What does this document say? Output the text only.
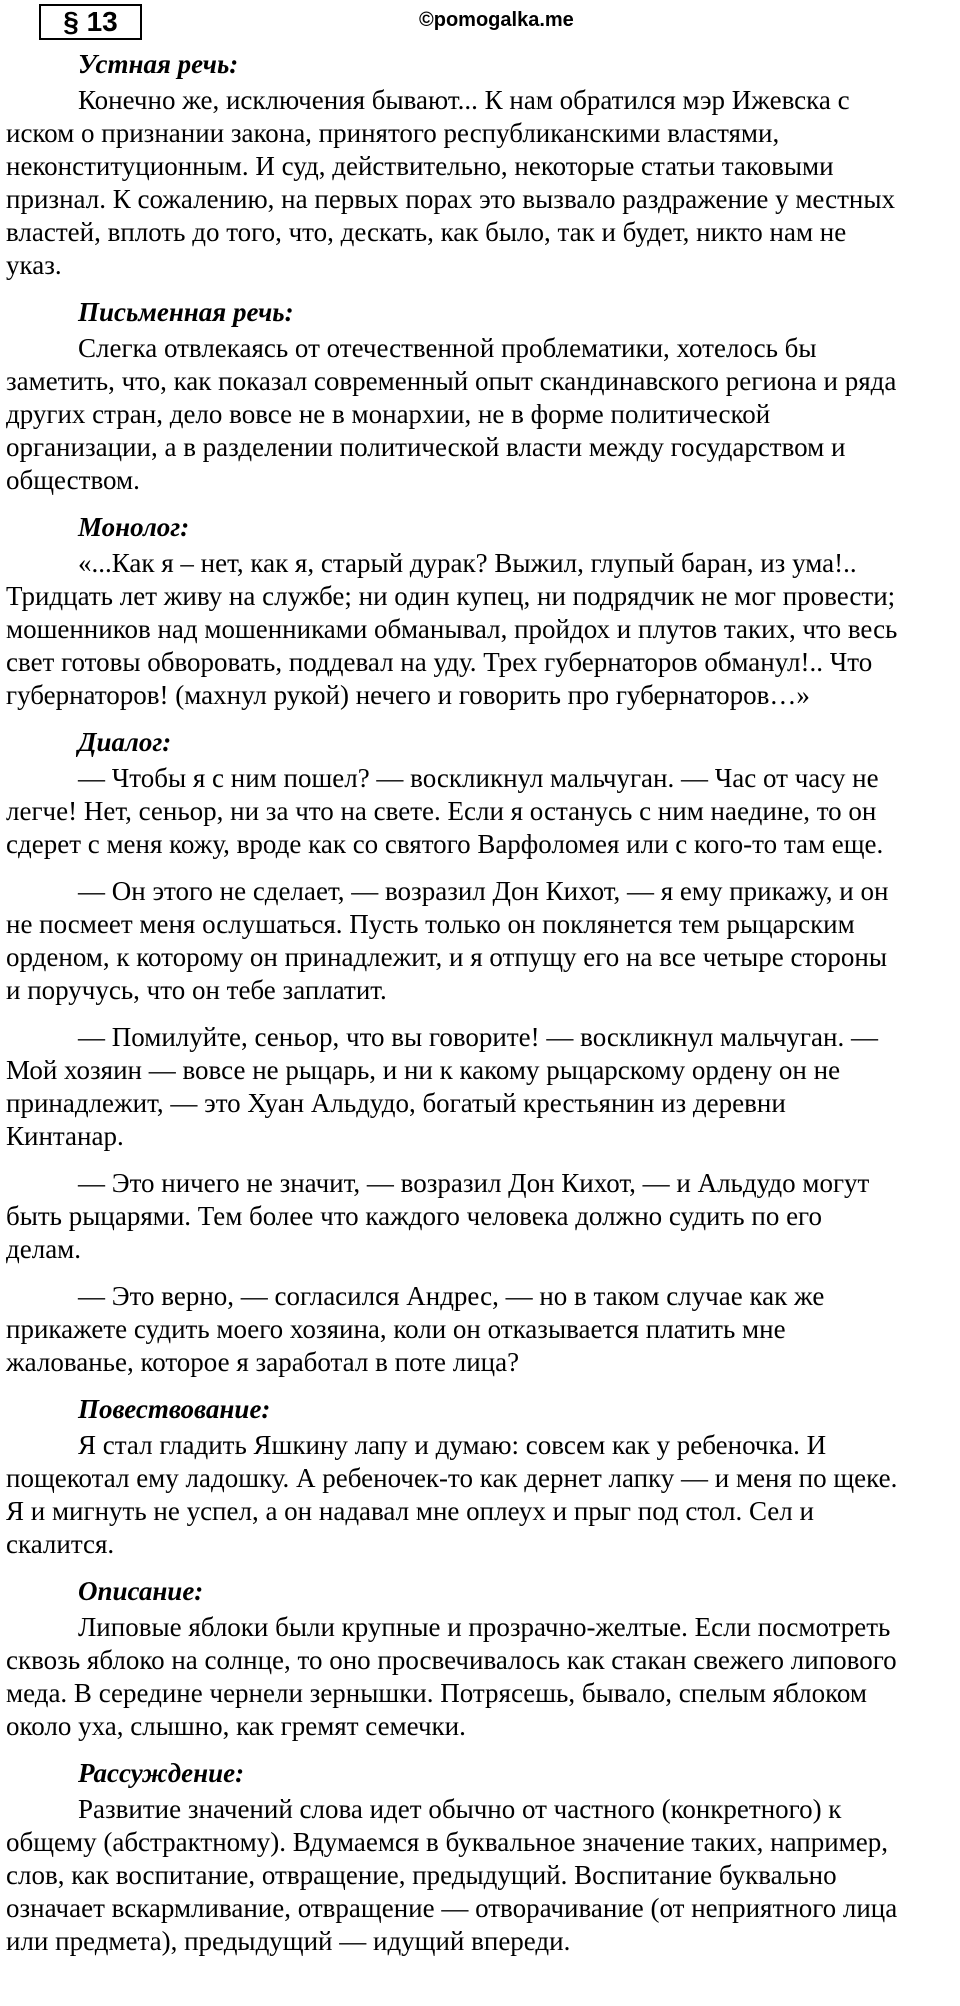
§ 13	©pomogalka.me
Устная речь:

Конечно же, исключения бывают... К нам обратился мэр Ижевска с
иском о признании закона, принятого республиканскими властями,
неконституционным. И суд, действительно, некоторые статьи таковыми
признал. К сожалению, на первых порах это вызвало раздражение у местных
властей, вплоть до того, что, дескать, как было, так и будет, никто нам не
указ.

Письменная речь:

Слегка отвлекаясь от отечественной проблематики, хотелось бы
заметить, что, как показал современный опыт скандинавского региона и ряда
других стран, дело вовсе не в монархии, не в форме политической
организации, а в разделении политической власти между государством и
обществом.

Монолог:

«...Как я – нет, как я, старый дурак? Выжил, глупый баран, из ума!..
Тридцать лет живу на службе; ни один купец, ни подрядчик не мог провести;
мошенников над мошенниками обманывал, пройдох и плутов таких, что весь
свет готовы обворовать, поддевал на уду. Трех губернаторов обманул!.. Что
губернаторов! (махнул рукой) нечего и говорить про губернаторов…»

Диалог:

— Чтобы я с ним пошел? — воскликнул мальчуган. — Час от часу не
легче! Нет, сеньор, ни за что на свете. Если я останусь с ним наедине, то он
сдерет с меня кожу, вроде как со святого Варфоломея или с кого-то там еще.

— Он этого не сделает, — возразил Дон Кихот, — я ему прикажу, и он
не посмеет меня ослушаться. Пусть только он поклянется тем рыцарским
орденом, к которому он принадлежит, и я отпущу его на все четыре стороны
и поручусь, что он тебе заплатит.

— Помилуйте, сеньор, что вы говорите! — воскликнул мальчуган. —
Мой хозяин — вовсе не рыцарь, и ни к какому рыцарскому ордену он не
принадлежит, — это Хуан Альдудо, богатый крестьянин из деревни
Кинтанар.

— Это ничего не значит, — возразил Дон Кихот, — и Альдудо могут
быть рыцарями. Тем более что каждого человека должно судить по его
делам.

— Это верно, — согласился Андрес, — но в таком случае как же
прикажете судить моего хозяина, коли он отказывается платить мне
жалованье, которое я заработал в поте лица?

Повествование:

Я стал гладить Яшкину лапу и думаю: совсем как у ребеночка. И
пощекотал ему ладошку. А ребеночек-то как дернет лапку — и меня по щеке.
Я и мигнуть не успел, а он надавал мне оплеух и прыг под стол. Сел и
скалится.

Описание:

Липовые яблоки были крупные и прозрачно-желтые. Если посмотреть
сквозь яблоко на солнце, то оно просвечивалось как стакан свежего липового
меда. В середине чернели зернышки. Потрясешь, бывало, спелым яблоком
около уха, слышно, как гремят семечки.

Рассуждение:

Развитие значений слова идет обычно от частного (конкретного) к
общему (абстрактному). Вдумаемся в буквальное значение таких, например,
слов, как воспитание, отвращение, предыдущий. Воспитание буквально
означает вскармливание, отвращение — отворачивание (от неприятного лица
или предмета), предыдущий — идущий впереди.
